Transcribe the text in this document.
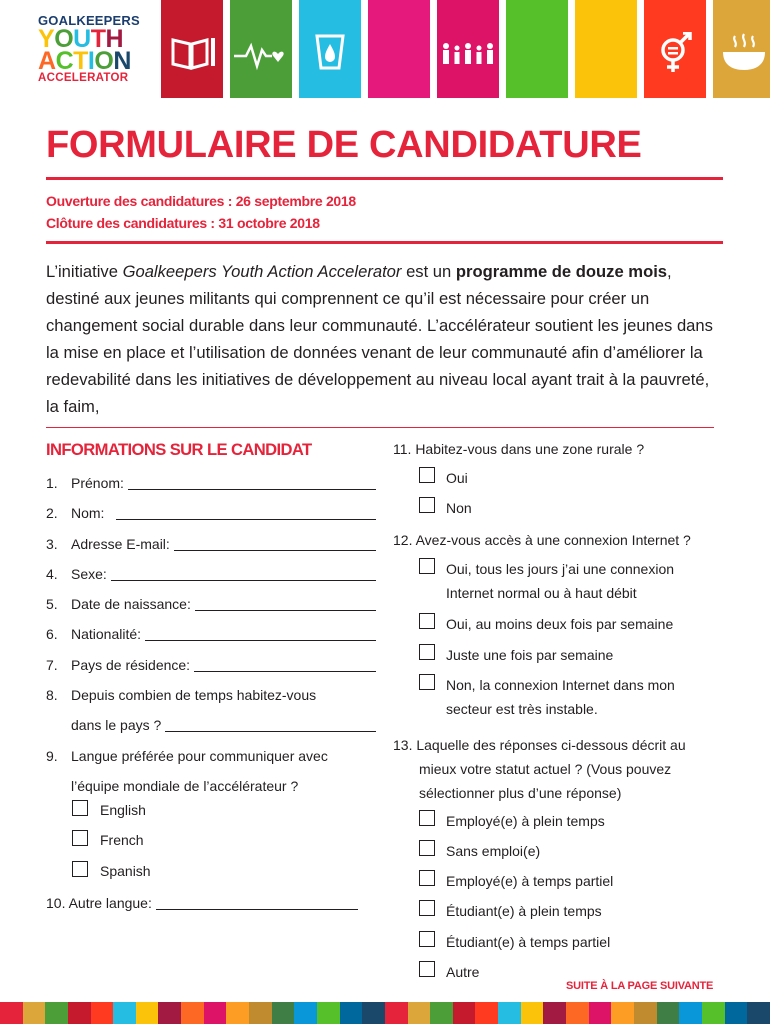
GOALKEEPERS
YOUTH
ACTION
ACCELERATOR
FORMULAIRE DE CANDIDATURE
Ouverture des candidatures : 26 septembre 2018
Clôture des candidatures : 31 octobre 2018
L’initiative Goalkeepers Youth Action Accelerator est un programme de douze mois, destiné aux jeunes militants qui comprennent ce qu’il est nécessaire pour créer un changement social durable dans leur communauté. L’accélérateur soutient les jeunes dans la mise en place et l’utilisation de données venant de leur communauté afin d’améliorer la redevabilité dans les initiatives de développement au niveau local ayant trait à la pauvreté, la faim,
INFORMATIONS SUR LE CANDIDAT
1. Prénom:
2. Nom:
3. Adresse E-mail:
4. Sexe:
5. Date de naissance:
6. Nationalité:
7. Pays de résidence:
8. Depuis combien de temps habitez-vous
dans le pays ?
9. Langue préférée pour communiquer avec
l’équipe mondiale de l’accélérateur ?
English
French
Spanish
10. Autre langue:
11. Habitez-vous dans une zone rurale ?
Oui
Non
12. Avez-vous accès à une connexion Internet ?
Oui, tous les jours j’ai une connexion
Internet normal ou à haut débit
Oui, au moins deux fois par semaine
Juste une fois par semaine
Non, la connexion Internet dans mon
secteur est très instable.
13. Laquelle des réponses ci-dessous décrit au
mieux votre statut actuel ? (Vous pouvez
sélectionner plus d’une réponse)
Employé(e) à plein temps
Sans emploi(e)
Employé(e) à temps partiel
Étudiant(e) à plein temps
Étudiant(e) à temps partiel
Autre
SUITE À LA PAGE SUIVANTE
